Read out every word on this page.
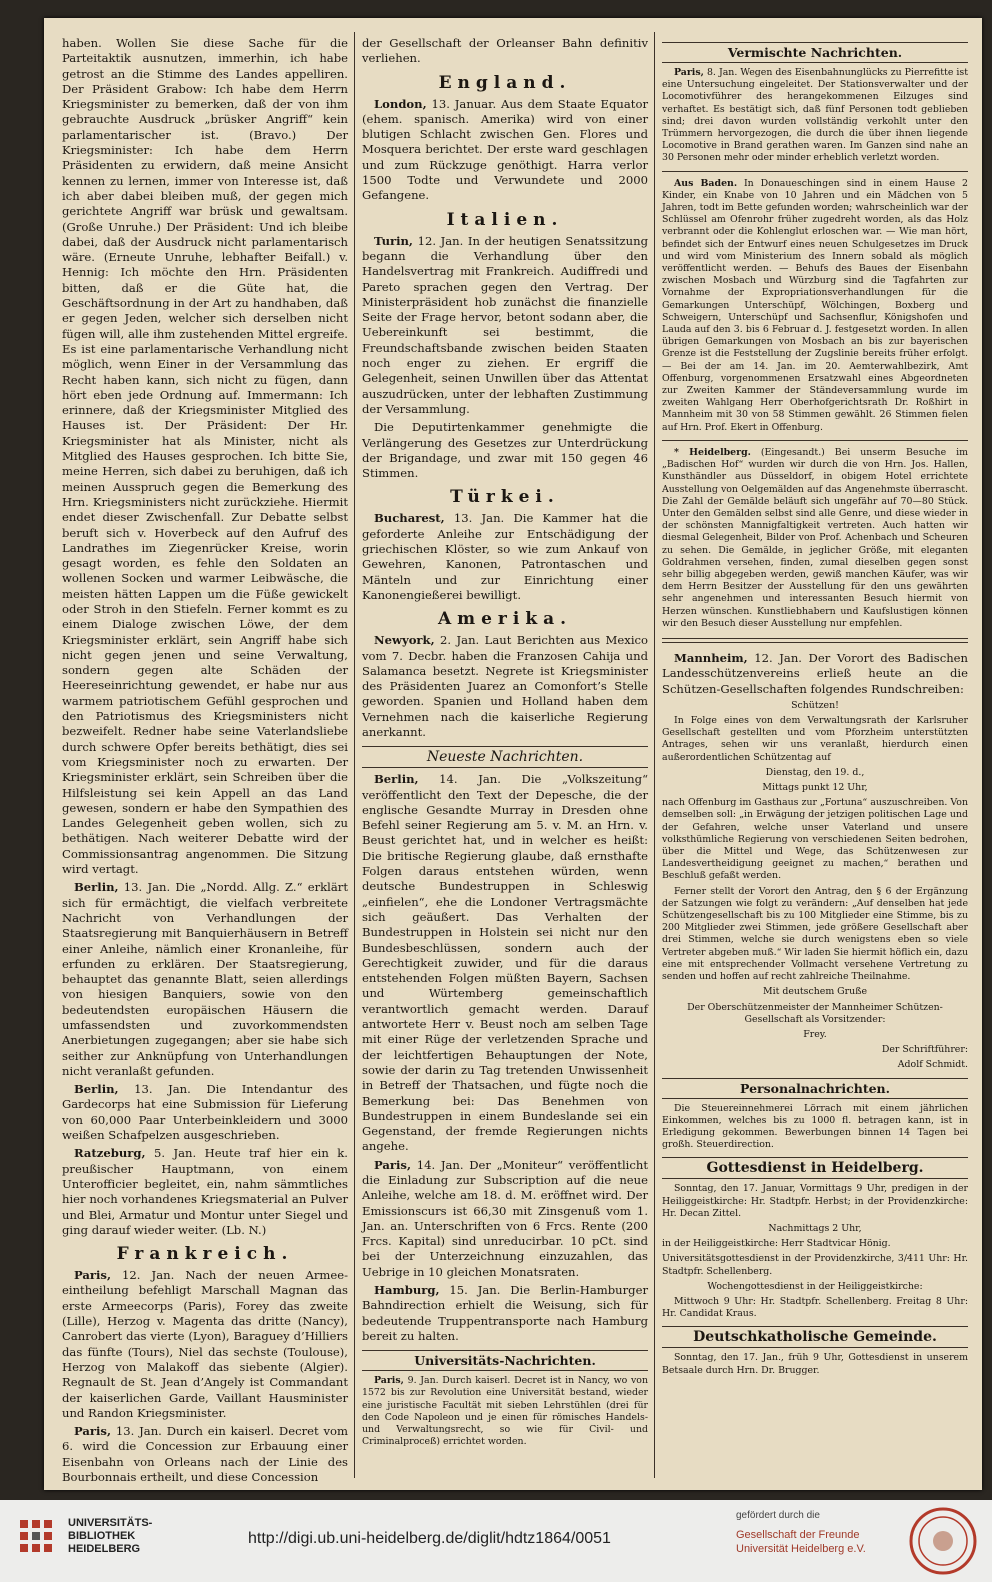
haben. Wollen Sie diese Sache für die Parteitaktik ausnutzen, immerhin, ich habe getrost an die Stimme des Landes appelliren. Der Präsident Grabow: Ich habe dem Herrn Kriegsminister zu bemerken, daß der von ihm gebrauchte Ausdruck „brüsker Angriff“ kein parlamentarischer ist. (Bravo.) Der Kriegsminister: Ich habe dem Herrn Präsidenten zu erwidern, daß meine Ansicht kennen zu lernen, immer von Interesse ist, daß ich aber dabei bleiben muß, der gegen mich gerichtete Angriff war brüsk und gewaltsam. (Große Unruhe.) Der Präsident: Und ich bleibe dabei, daß der Ausdruck nicht parlamentarisch wäre. (Erneute Unruhe, lebhafter Beifall.) v. Hennig: Ich möchte den Hrn. Präsidenten bitten, daß er die Güte hat, die Geschäftsordnung in der Art zu handhaben, daß er gegen Jeden, welcher sich derselben nicht fügen will, alle ihm zustehenden Mittel ergreife. Es ist eine parlamentarische Verhandlung nicht möglich, wenn Einer in der Versammlung das Recht haben kann, sich nicht zu fügen, dann hört eben jede Ordnung auf. Immermann: Ich erinnere, daß der Kriegsminister Mitglied des Hauses ist. Der Präsident: Der Hr. Kriegsminister hat als Minister, nicht als Mitglied des Hauses gesprochen. Ich bitte Sie, meine Herren, sich dabei zu beruhigen, daß ich meinen Ausspruch gegen die Bemerkung des Hrn. Kriegsministers nicht zurückziehe. Hiermit endet dieser Zwischenfall. Zur Debatte selbst beruft sich v. Hoverbeck auf den Aufruf des Landrathes im Ziegenrücker Kreise, worin gesagt worden, es fehle den Soldaten an wollenen Socken und warmer Leibwäsche, die meisten hätten Lappen um die Füße gewickelt oder Stroh in den Stiefeln. Ferner kommt es zu einem Dialoge zwischen Löwe, der dem Kriegsminister erklärt, sein Angriff habe sich nicht gegen jenen und seine Verwaltung, sondern gegen alte Schäden der Heereseinrichtung gewendet, er habe nur aus warmem patriotischem Gefühl gesprochen und den Patriotismus des Kriegsministers nicht bezweifelt. Redner habe seine Vaterlandsliebe durch schwere Opfer bereits bethätigt, dies sei vom Kriegsminister noch zu erwarten. Der Kriegsminister erklärt, sein Schreiben über die Hilfsleistung sei kein Appell an das Land gewesen, sondern er habe den Sympathien des Landes Gelegenheit geben wollen, sich zu bethätigen. Nach weiterer Debatte wird der Commissionsantrag angenommen. Die Sitzung wird vertagt.

Berlin, 13. Jan. Die „Nordd. Allg. Z.“ erklärt sich für ermächtigt, die vielfach verbreitete Nachricht von Verhandlungen der Staatsregierung mit Banquierhäusern in Betreff einer Anleihe, nämlich einer Kronanleihe, für erfunden zu erklären. Der Staatsregierung, behauptet das genannte Blatt, seien allerdings von hiesigen Banquiers, sowie von den bedeutendsten europäischen Häusern die umfassendsten und zuvorkommendsten Anerbietungen zugegangen; aber sie habe sich seither zur Anknüpfung von Unterhandlungen nicht veranlaßt gefunden.

Berlin, 13. Jan. Die Intendantur des Gardecorps hat eine Submission für Lieferung von 60,000 Paar Unterbeinkleidern und 3000 weißen Schafpelzen ausgeschrieben.

Ratzeburg, 5. Jan. Heute traf hier ein k. preußischer Hauptmann, von einem Unterofficier begleitet, ein, nahm sämmtliches hier noch vorhandenes Kriegsmaterial an Pulver und Blei, Armatur und Montur unter Siegel und ging darauf wieder weiter. (Lb. N.)

Frankreich.

Paris, 12. Jan. Nach der neuen Armee-eintheilung befehligt Marschall Magnan das erste Armeecorps (Paris), Forey das zweite (Lille), Herzog v. Magenta das dritte (Nancy), Canrobert das vierte (Lyon), Baraguey d’Hilliers das fünfte (Tours), Niel das sechste (Toulouse), Herzog von Malakoff das siebente (Algier). Regnault de St. Jean d’Angely ist Commandant der kaiserlichen Garde, Vaillant Hausminister und Randon Kriegsminister.

Paris, 13. Jan. Durch ein kaiserl. Decret vom 6. wird die Concession zur Erbauung einer Eisenbahn von Orleans nach der Linie des Bourbonnais ertheilt, und diese Concession

der Gesellschaft der Orleanser Bahn definitiv verliehen.

England.

London, 13. Januar. Aus dem Staate Equator (ehem. spanisch. Amerika) wird von einer blutigen Schlacht zwischen Gen. Flores und Mosquera berichtet. Der erste ward geschlagen und zum Rückzuge genöthigt. Harra verlor 1500 Todte und Verwundete und 2000 Gefangene.

Italien.

Turin, 12. Jan. In der heutigen Senatssitzung begann die Verhandlung über den Handelsvertrag mit Frankreich. Audiffredi und Pareto sprachen gegen den Vertrag. Der Ministerpräsident hob zunächst die finanzielle Seite der Frage hervor, betont sodann aber, die Uebereinkunft sei bestimmt, die Freundschaftsbande zwischen beiden Staaten noch enger zu ziehen. Er ergriff die Gelegenheit, seinen Unwillen über das Attentat auszudrücken, unter der lebhaften Zustimmung der Versammlung.

Die Deputirtenkammer genehmigte die Verlängerung des Gesetzes zur Unterdrückung der Brigandage, und zwar mit 150 gegen 46 Stimmen.

Türkei.

Bucharest, 13. Jan. Die Kammer hat die geforderte Anleihe zur Entschädigung der griechischen Klöster, so wie zum Ankauf von Gewehren, Kanonen, Patrontaschen und Mänteln und zur Einrichtung einer Kanonengießerei bewilligt.

Amerika.

Newyork, 2. Jan. Laut Berichten aus Mexico vom 7. Decbr. haben die Franzosen Cahija und Salamanca besetzt. Negrete ist Kriegsminister des Präsidenten Juarez an Comonfort’s Stelle geworden. Spanien und Holland haben dem Vernehmen nach die kaiserliche Regierung anerkannt.

Neueste Nachrichten.

Berlin, 14. Jan. Die „Volkszeitung“ veröffentlicht den Text der Depesche, die der englische Gesandte Murray in Dresden ohne Befehl seiner Regierung am 5. v. M. an Hrn. v. Beust gerichtet hat, und in welcher es heißt: Die britische Regierung glaube, daß ernsthafte Folgen daraus entstehen würden, wenn deutsche Bundestruppen in Schleswig „einfielen“, ehe die Londoner Vertragsmächte sich geäußert. Das Verhalten der Bundestruppen in Holstein sei nicht nur den Bundesbeschlüssen, sondern auch der Gerechtigkeit zuwider, und für die daraus entstehenden Folgen müßten Bayern, Sachsen und Würtemberg gemeinschaftlich verantwortlich gemacht werden. Darauf antwortete Herr v. Beust noch am selben Tage mit einer Rüge der verletzenden Sprache und der leichtfertigen Behauptungen der Note, sowie der darin zu Tag tretenden Unwissenheit in Betreff der Thatsachen, und fügte noch die Bemerkung bei: Das Benehmen von Bundestruppen in einem Bundeslande sei ein Gegenstand, der fremde Regierungen nichts angehe.

Paris, 14. Jan. Der „Moniteur“ veröffentlicht die Einladung zur Subscription auf die neue Anleihe, welche am 18. d. M. eröffnet wird. Der Emissionscurs ist 66,30 mit Zinsgenuß vom 1. Jan. an. Unterschriften von 6 Frcs. Rente (200 Frcs. Kapital) sind unreducirbar. 10 pCt. sind bei der Unterzeichnung einzuzahlen, das Uebrige in 10 gleichen Monatsraten.

Hamburg, 15. Jan. Die Berlin-Hamburger Bahndirection erhielt die Weisung, sich für bedeutende Truppentransporte nach Hamburg bereit zu halten.

Universitäts-Nachrichten.

Paris, 9. Jan. Durch kaiserl. Decret ist in Nancy, wo von 1572 bis zur Revolution eine Universität bestand, wieder eine juristische Facultät mit sieben Lehrstühlen (drei für den Code Napoleon und je einen für römisches Handels- und Verwaltungsrecht, so wie für Civil- und Criminalproceß) errichtet worden.

Vermischte Nachrichten.

Paris, 8. Jan. Wegen des Eisenbahnunglücks zu Pierrefitte ist eine Untersuchung eingeleitet. Der Stationsverwalter und der Locomotivführer des herangekommenen Eilzuges sind verhaftet. Es bestätigt sich, daß fünf Personen todt geblieben sind; drei davon wurden vollständig verkohlt unter den Trümmern hervorgezogen, die durch die über ihnen liegende Locomotive in Brand gerathen waren. Im Ganzen sind nahe an 30 Personen mehr oder minder erheblich verletzt worden.

Aus Baden. In Donaueschingen sind in einem Hause 2 Kinder, ein Knabe von 10 Jahren und ein Mädchen von 5 Jahren, todt im Bette gefunden worden; wahrscheinlich war der Schlüssel am Ofenrohr früher zugedreht worden, als das Holz verbrannt oder die Kohlenglut erloschen war. — Wie man hört, befindet sich der Entwurf eines neuen Schulgesetzes im Druck und wird vom Ministerium des Innern sobald als möglich veröffentlicht werden. — Behufs des Baues der Eisenbahn zwischen Mosbach und Würzburg sind die Tagfahrten zur Vornahme der Expropriationsverhandlungen für die Gemarkungen Unterschüpf, Wölchingen, Boxberg und Schweigern, Unterschüpf und Sachsenflur, Königshofen und Lauda auf den 3. bis 6 Februar d. J. festgesetzt worden. In allen übrigen Gemarkungen von Mosbach an bis zur bayerischen Grenze ist die Feststellung der Zugslinie bereits früher erfolgt. — Bei der am 14. Jan. im 20. Aemterwahlbezirk, Amt Offenburg, vorgenommenen Ersatzwahl eines Abgeordneten zur Zweiten Kammer der Ständeversammlung wurde im zweiten Wahlgang Herr Oberhofgerichtsrath Dr. Roßhirt in Mannheim mit 30 von 58 Stimmen gewählt. 26 Stimmen fielen auf Hrn. Prof. Ekert in Offenburg.

* Heidelberg. (Eingesandt.) Bei unserm Besuche im „Badischen Hof“ wurden wir durch die von Hrn. Jos. Hallen, Kunsthändler aus Düsseldorf, in obigem Hotel errichtete Ausstellung von Oelgemälden auf das Angenehmste überrascht. Die Zahl der Gemälde beläuft sich ungefähr auf 70—80 Stück. Unter den Gemälden selbst sind alle Genre, und diese wieder in der schönsten Mannigfaltigkeit vertreten. Auch hatten wir diesmal Gelegenheit, Bilder von Prof. Achenbach und Scheuren zu sehen. Die Gemälde, in jeglicher Größe, mit eleganten Goldrahmen versehen, finden, zumal dieselben gegen sonst sehr billig abgegeben werden, gewiß manchen Käufer, was wir dem Herrn Besitzer der Ausstellung für den uns gewährten sehr angenehmen und interessanten Besuch hiermit von Herzen wünschen. Kunstliebhabern und Kaufslustigen können wir den Besuch dieser Ausstellung nur empfehlen.

Mannheim, 12. Jan. Der Vorort des Badischen Landesschützenvereins erließ heute an die Schützen-Gesellschaften folgendes Rundschreiben:

Schützen!

In Folge eines von dem Verwaltungsrath der Karlsruher Gesellschaft gestellten und vom Pforzheim unterstützten Antrages, sehen wir uns veranlaßt, hierdurch einen außerordentlichen Schützentag auf

Dienstag, den 19. d.,

Mittags punkt 12 Uhr,

nach Offenburg im Gasthaus zur „Fortuna“ auszuschreiben. Von demselben soll: „in Erwägung der jetzigen politischen Lage und der Gefahren, welche unser Vaterland und unsere volksthümliche Regierung von verschiedenen Seiten bedrohen, über die Mittel und Wege, das Schützenwesen zur Landesvertheidigung geeignet zu machen,“ berathen und Beschluß gefaßt werden.

Ferner stellt der Vorort den Antrag, den § 6 der Ergänzung der Satzungen wie folgt zu verändern: „Auf denselben hat jede Schützengesellschaft bis zu 100 Mitglieder eine Stimme, bis zu 200 Mitglieder zwei Stimmen, jede größere Gesellschaft aber drei Stimmen, welche sie durch wenigstens eben so viele Vertreter abgeben muß.“ Wir laden Sie hiermit höflich ein, dazu eine mit entsprechender Vollmacht versehene Vertretung zu senden und hoffen auf recht zahlreiche Theilnahme.

Mit deutschem Gruße

Der Oberschützenmeister der Mannheimer Schützen-Gesellschaft als Vorsitzender:

Frey.

Der Schriftführer:

Adolf Schmidt.

Personalnachrichten.

Die Steuereinnehmerei Lörrach mit einem jährlichen Einkommen, welches bis zu 1000 fl. betragen kann, ist in Erledigung gekommen. Bewerbungen binnen 14 Tagen bei großh. Steuerdirection.

Gottesdienst in Heidelberg.

Sonntag, den 17. Januar, Vormittags 9 Uhr, predigen in der Heiliggeistkirche: Hr. Stadtpfr. Herbst; in der Providenzkirche: Hr. Decan Zittel.

Nachmittags 2 Uhr,

in der Heiliggeistkirche: Herr Stadtvicar Hönig.

Universitätsgottesdienst in der Providenzkirche, 3/411 Uhr: Hr. Stadtpfr. Schellenberg.

Wochengottesdienst in der Heiliggeistkirche:

Mittwoch 9 Uhr: Hr. Stadtpfr. Schellenberg. Freitag 8 Uhr: Hr. Candidat Kraus.

Deutschkatholische Gemeinde.

Sonntag, den 17. Jan., früh 9 Uhr, Gottesdienst in unserem Betsaale durch Hrn. Dr. Brugger.

UNIVERSITÄTS-
BIBLIOTHEK
HEIDELBERG
http://digi.ub.uni-heidelberg.de/diglit/hdtz1864/0051
gefördert durch die
Gesellschaft der Freunde
Universität Heidelberg e.V.
